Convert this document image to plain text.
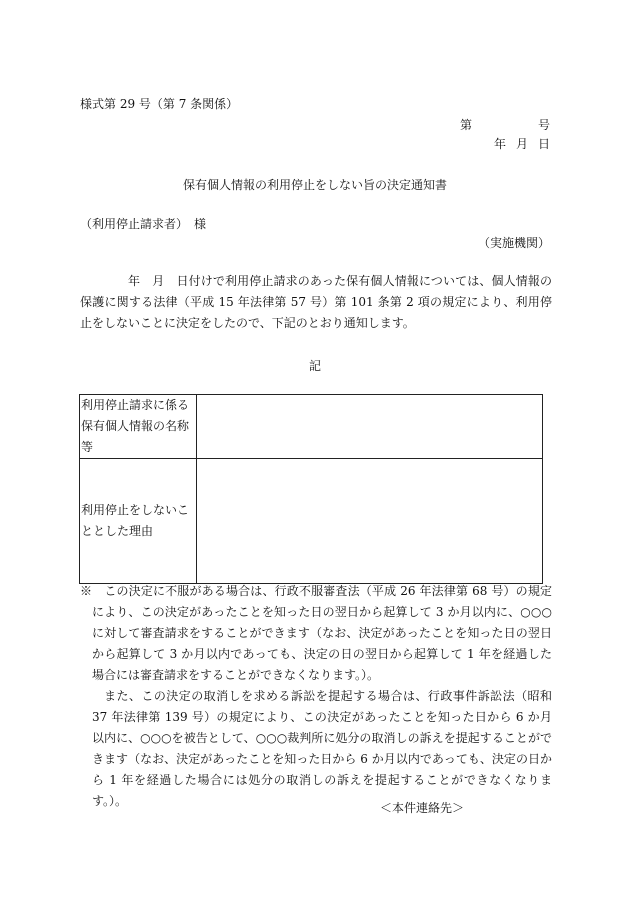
様式第 29 号（第 7 条関係）
第	号
年 月 日
保有個人情報の利用停止をしない旨の決定通知書
（利用停止請求者）　様
（実施機関）

年　月　日付けで利用停止請求のあった保有個人情報については、個人情報の保護に関する法律（平成 15 年法律第 57 号）第 101 条第 2 項の規定により、利用停止をしないことに決定をしたので、下記のとおり通知します。

記
利用停止請求に係る保有個人情報の名称等	
利用停止をしないこととした理由	

※　この決定に不服がある場合は、行政不服審査法（平成 26 年法律第 68 号）の規定により、この決定があったことを知った日の翌日から起算して 3 か月以内に、○○○に対して審査請求をすることができます（なお、決定があったことを知った日の翌日から起算して 3 か月以内であっても、決定の日の翌日から起算して 1 年を経過した場合には審査請求をすることができなくなります。）。

また、この決定の取消しを求める訴訟を提起する場合は、行政事件訴訟法（昭和 37 年法律第 139 号）の規定により、この決定があったことを知った日から 6 か月以内に、○○○を被告として、○○○裁判所に処分の取消しの訴えを提起することができます（なお、決定があったことを知った日から 6 か月以内であっても、決定の日から 1 年を経過した場合には処分の取消しの訴えを提起することができなくなります。）。	＜本件連絡先＞
